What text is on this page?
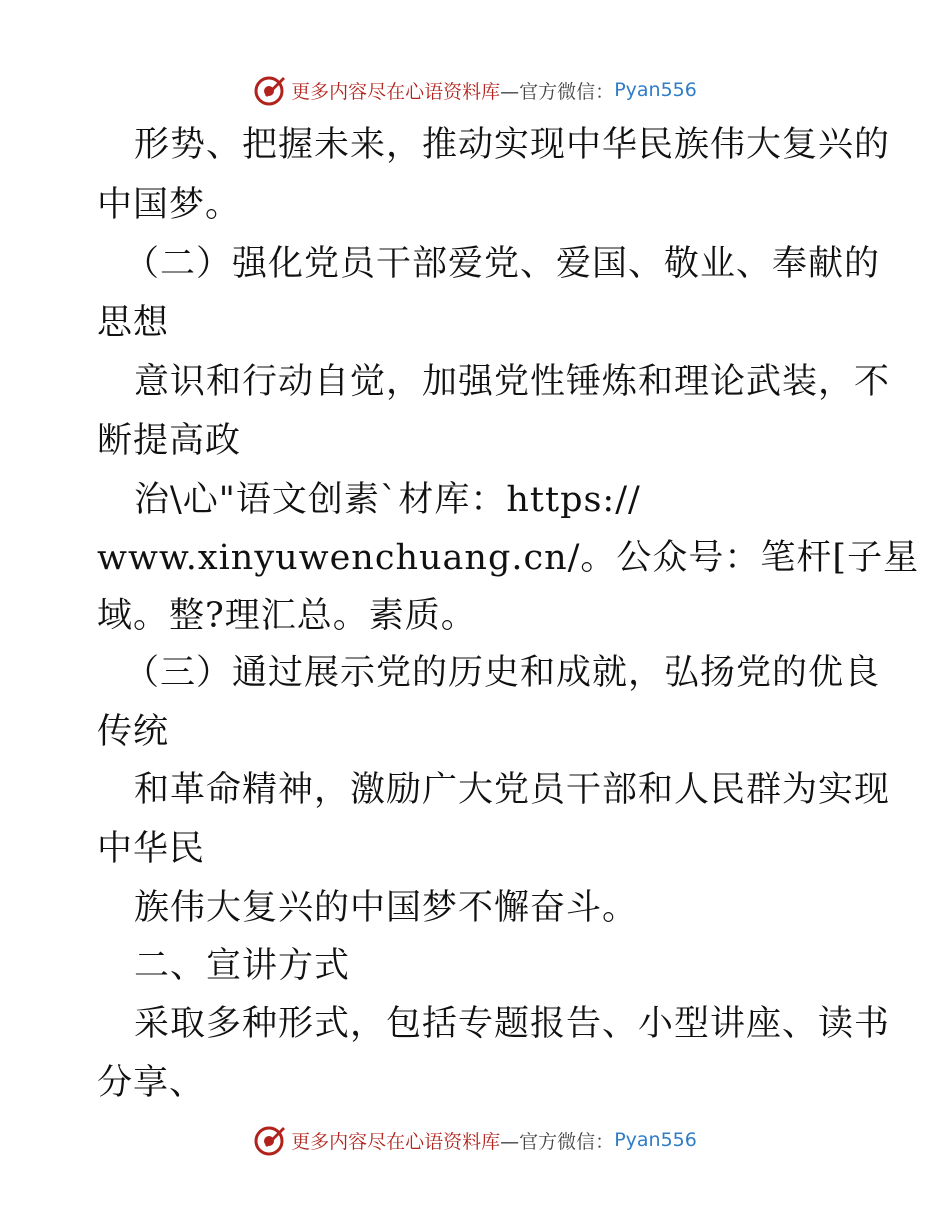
更多内容尽在心语资料库 —官方微信： Pyan556
形势、把握未来，推动实现中华民族伟大复兴的
中国梦。
（二）强化党员干部爱党、爱国、敬业、奉献的
思想
意识和行动自觉，加强党性锤炼和理论武装，不
断提高政
治\心"语文创素`材库：https://
www.xinyuwenchuang.cn/。公众号：笔杆[子星
域。整?理汇总。素质。
（三）通过展示党的历史和成就，弘扬党的优良
传统
和革命精神，激励广大党员干部和人民群为实现
中华民
族伟大复兴的中国梦不懈奋斗。
二、宣讲方式
采取多种形式，包括专题报告、小型讲座、读书
分享、
更多内容尽在心语资料库 —官方微信： Pyan556
